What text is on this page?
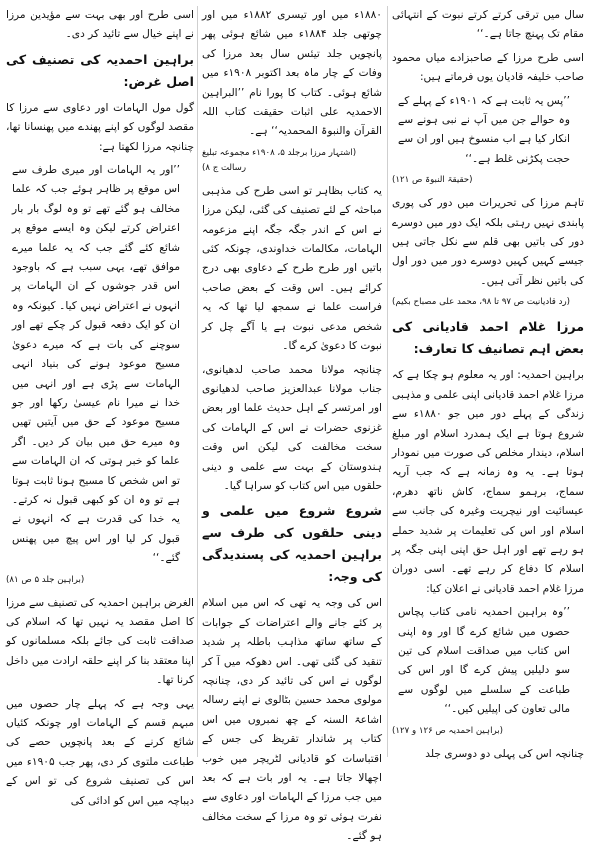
سال میں ترقی کرتے کرتے نبوت کے انتہائی مقام تک پہنچ جاتا ہے۔‘‘

اسی طرح مرزا کے صاحبزادے میاں محمود صاحب خلیفہ قادیان یوں فرماتے ہیں:

’’پس یہ ثابت ہے کہ ۱۹۰۱ء کے پہلے کے وہ حوالے جن میں آپ نے نبی ہونے سے انکار کیا ہے اب منسوخ ہیں اور ان سے حجت پکڑنی غلط ہے۔‘‘

(حقیقۃ النبوۃ ص ۱۲۱)

تاہم مرزا کی تحریرات میں دور کی پوری پابندی نہیں رہتی بلکہ ایک دور میں دوسرے دور کی باتیں بھی قلم سے نکل جاتی ہیں جیسے کہیں کہیں دوسرے دور میں دور اول کی باتیں نظر آتی ہیں۔

(رد قادیانیت ص ۹۷ تا ۹۸، محمد علی مصباح بکیم)

مرزا غلام احمد قادیانی کی بعض اہم تصانیف کا تعارف:

براہین احمدیہ: اور یہ معلوم ہو چکا ہے کہ مرزا غلام احمد قادیانی اپنی علمی و مذہبی زندگی کے پہلے دور میں جو ۱۸۸۰ء سے شروع ہوتا ہے ایک ہمدرد اسلام اور مبلغ اسلام، دیندار مخلص کی صورت میں نمودار ہوتا ہے۔ یہ وہ زمانہ ہے کہ جب آریہ سماج، برہمو سماج، کاش ناتھ دھرم، عیسائیت اور نیچریت وغیرہ کی جانب سے اسلام اور اس کی تعلیمات پر شدید حملے ہو رہے تھے اور اہل حق اپنی اپنی جگہ پر اسلام کا دفاع کر رہے تھے۔ اسی دوران مرزا غلام احمد قادیانی نے اعلان کیا:

’’وہ براہین احمدیہ نامی کتاب پچاس حصوں میں شائع کرے گا اور وہ اپنی اس کتاب میں صداقت اسلام کی تین سو دلیلیں پیش کرے گا اور اس کی طباعت کے سلسلے میں لوگوں سے مالی تعاون کی اپیلیں کیں۔‘‘

(براہین احمدیہ ص ۱۲۶ و ۱۲۷)

چنانچہ اس کی پہلی دو دوسری جلد

۱۸۸۰ء میں اور تیسری ۱۸۸۲ء میں اور چوتھی جلد ۱۸۸۴ء میں شائع ہوئی پھر پانچویں جلد تیئس سال بعد مرزا کی وفات کے چار ماہ بعد اکتوبر ۱۹۰۸ء میں شائع ہوئی۔ کتاب کا پورا نام ’’البراہین الاحمدیہ علی اثبات حقیقت کتاب اللہ القرآن والنبوۃ المحمدیہ‘‘ ہے۔

(اشتہار مرزا برجلد ۵، ۱۹۰۸ء مجموعہ تبلیغ رسالت ج ۸)

یہ کتاب بظاہر تو اسی طرح کی مذہبی مباحثہ کے لئے تصنیف کی گئی، لیکن مرزا نے اس کے اندر جگہ جگہ اپنے مزعومہ الہامات، مکالمات خداوندی، چونکہ کئی باتیں اور طرح طرح کے دعاوی بھی درج کرائے ہیں۔ اس وقت کے بعض صاحب فراست علما نے سمجھ لیا تھا کہ یہ شخص مدعی نبوت ہے یا آگے چل کر نبوت کا دعویٰ کرے گا۔

چنانچہ مولانا محمد صاحب لدھیانوی، جناب مولانا عبدالعزیز صاحب لدھیانوی اور امرتسر کے اہل حدیث علما اور بعض غزنوی حضرات نے اس کے الہامات کی سخت مخالفت کی لیکن اس وقت ہندوستان کے بہت سے علمی و دینی حلقوں میں اس کتاب کو سراہا گیا۔

شروع شروع میں علمی و دینی حلقوں کی طرف سے براہین احمدیہ کی پسندیدگی کی وجہ:

اس کی وجہ یہ تھی کہ اس میں اسلام پر کئے جانے والے اعتراضات کے جوابات کے ساتھ ساتھ مذاہب باطلہ پر شدید تنقید کی گئی تھی۔ اس دھوکہ میں آ کر لوگوں نے اس کی تائید کر دی، چنانچہ مولوی محمد حسین بٹالوی نے اپنے رسالہ اشاعۃ السنہ کے چھ نمبروں میں اس کتاب پر شاندار تقریظ کی جس کے اقتباسات کو قادیانی لٹریچر میں خوب اچھالا جاتا ہے۔ یہ اور بات ہے کہ بعد میں جب مرزا کے الہامات اور دعاوی سے نفرت ہوئی تو وہ مرزا کے سخت مخالف ہو گئے۔

اسی طرح اور بھی بہت سے مؤیدین مرزا نے اپنے خیال سے تائید کر دی۔

براہین احمدیہ کی تصنیف کی اصل غرض:

گول مول الہامات اور دعاوی سے مرزا کا مقصد لوگوں کو اپنے پھندے میں پھنسانا تھا، چنانچہ مرزا لکھتا ہے:

’’اور یہ الہامات اور میری طرف سے اس موقع پر ظاہر ہوئے جب کہ علما مخالف ہو گئے تھے تو وہ لوگ بار بار اعتراض کرتے لیکن وہ ایسے موقع پر شائع کئے گئے جب کہ یہ علما میرے موافق تھے، یہی سبب ہے کہ باوجود اس قدر جوشوں کے ان الہامات پر انہوں نے اعتراض نہیں کیا۔ کیونکہ وہ ان کو ایک دفعہ قبول کر چکے تھے اور سوچنے کی بات ہے کہ میرے دعویٰ مسیح موعود ہونے کی بنیاد انہی الہامات سے پڑی ہے اور انہی میں خدا نے میرا نام عیسیٰ رکھا اور جو مسیح موعود کے حق میں آیتیں تھیں وہ میرے حق میں بیان کر دیں۔ اگر علما کو خبر ہوتی کہ ان الہامات سے تو اس شخص کا مسیح ہونا ثابت ہوتا ہے تو وہ ان کو کبھی قبول نہ کرتے۔ یہ خدا کی قدرت ہے کہ انہوں نے قبول کر لیا اور اس پیچ میں پھنس گئے۔‘‘

(براہین جلد ۵ ص ۸۱)

الغرض براہین احمدیہ کی تصنیف سے مرزا کا اصل مقصد یہ نہیں تھا کہ اسلام کی صداقت ثابت کی جائے بلکہ مسلمانوں کو اپنا معتقد بنا کر اپنے حلقہ ارادت میں داخل کرنا تھا۔

یہی وجہ ہے کہ پہلے چار حصوں میں مبہم قسم کے الہامات اور چونکہ کئیاں شائع کرنے کے بعد پانچویں حصے کی طباعت ملتوی کر دی، پھر جب ۱۹۰۵ء میں اس کی تصنیف شروع کی تو اس کے دیباچہ میں اس کو ادائی کی
